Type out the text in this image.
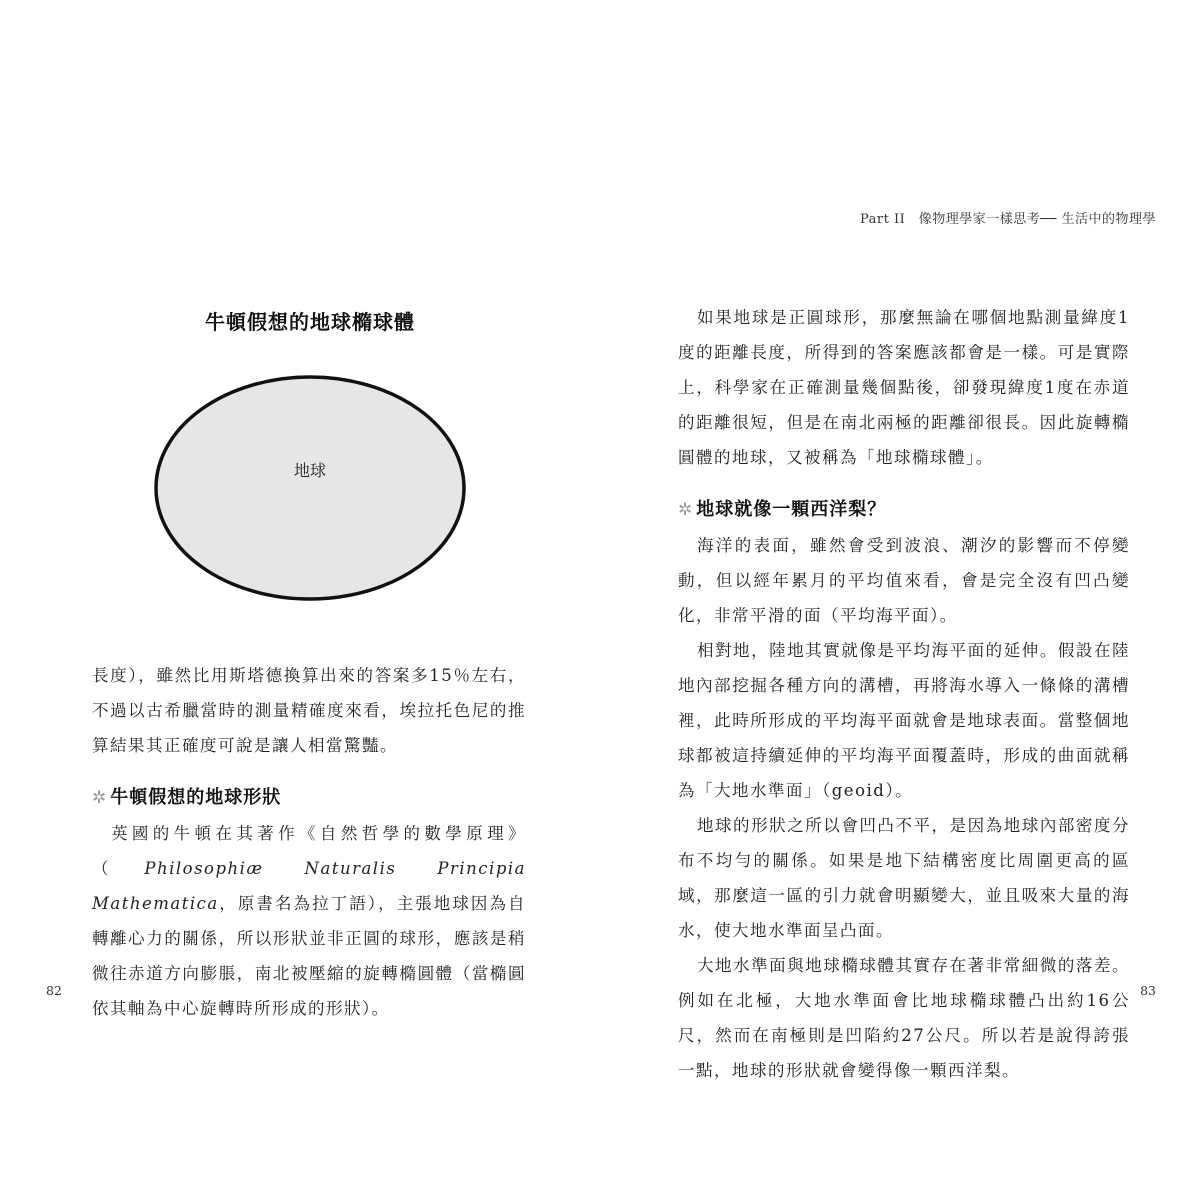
牛頓假想的地球橢球體
地球

長度），雖然比用斯塔德換算出來的答案多15％左右，不過以古希臘當時的測量精確度來看，埃拉托色尼的推算結果其正確度可說是讓人相當驚豔。

✲ 牛頓假想的地球形狀

英國的牛頓在其著作《自然哲學的數學原理》（Philosophiæ Naturalis Principia Mathematica，原書名為拉丁語），主張地球因為自轉離心力的關係，所以形狀並非正圓的球形，應該是稍微往赤道方向膨脹，南北被壓縮的旋轉橢圓體（當橢圓依其軸為中心旋轉時所形成的形狀）。

82
Part II　像物理學家一樣思考── 生活中的物理學

如果地球是正圓球形，那麼無論在哪個地點測量緯度1度的距離長度，所得到的答案應該都會是一樣。可是實際上，科學家在正確測量幾個點後，卻發現緯度1度在赤道的距離很短，但是在南北兩極的距離卻很長。因此旋轉橢圓體的地球，又被稱為「地球橢球體」。

✲ 地球就像一顆西洋梨？

海洋的表面，雖然會受到波浪、潮汐的影響而不停變動，但以經年累月的平均值來看，會是完全沒有凹凸變化，非常平滑的面（平均海平面）。

相對地，陸地其實就像是平均海平面的延伸。假設在陸地內部挖掘各種方向的溝槽，再將海水導入一條條的溝槽裡，此時所形成的平均海平面就會是地球表面。當整個地球都被這持續延伸的平均海平面覆蓋時，形成的曲面就稱為「大地水準面」（geoid）。

地球的形狀之所以會凹凸不平，是因為地球內部密度分布不均勻的關係。如果是地下結構密度比周圍更高的區域，那麼這一區的引力就會明顯變大，並且吸來大量的海水，使大地水準面呈凸面。

大地水準面與地球橢球體其實存在著非常細微的落差。例如在北極，大地水準面會比地球橢球體凸出約16公尺，然而在南極則是凹陷約27公尺。所以若是說得誇張一點，地球的形狀就會變得像一顆西洋梨。

83
